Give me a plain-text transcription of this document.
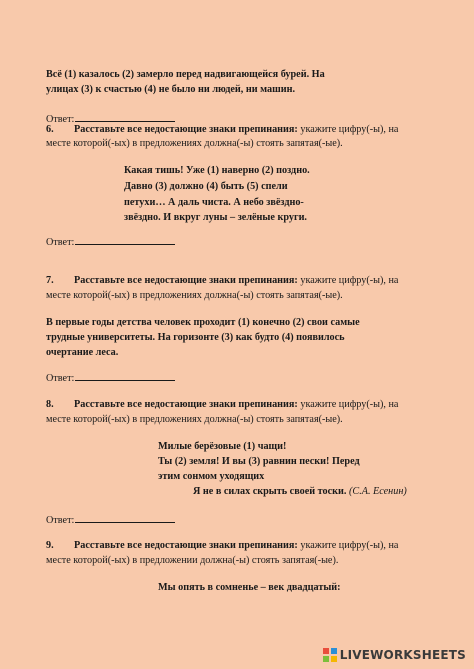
Всё (1) казалось (2) замерло перед надвигающейся бурей. На
улицах (3) к счастью (4) не было ни людей, ни машин.
Ответ:
6. Расставьте все недостающие знаки препинания: укажите цифру(-ы), на
месте которой(-ых) в предложениях должна(-ы) стоять запятая(-ые).
Какая тишь! Уже (1) наверно (2) поздно.
Давно (3) должно (4) быть (5) спели
петухи… А даль чиста. А небо звёздно-
звёздно. И вкруг луны – зелёные круги.
Ответ:
7. Расставьте все недостающие знаки препинания: укажите цифру(-ы), на
месте которой(-ых) в предложениях должна(-ы) стоять запятая(-ые).
В первые годы детства человек проходит (1) конечно (2) свои самые
трудные университеты. На горизонте (3) как будто (4) появилось
очертание леса.
Ответ:
8. Расставьте все недостающие знаки препинания: укажите цифру(-ы), на
месте которой(-ых) в предложениях должна(-ы) стоять запятая(-ые).
Милые берёзовые (1) чащи!
Ты (2) земля! И вы (3) равнин пески! Перед
этим сонмом уходящих
Я не в силах скрыть своей тоски. (С.А. Есенин)
Ответ:
9. Расставьте все недостающие знаки препинания: укажите цифру(-ы), на
месте которой(-ых) в предложении должна(-ы) стоять запятая(-ые).
Мы опять в сомненье – век двадцатый:
LIVEWORKSHEETS
